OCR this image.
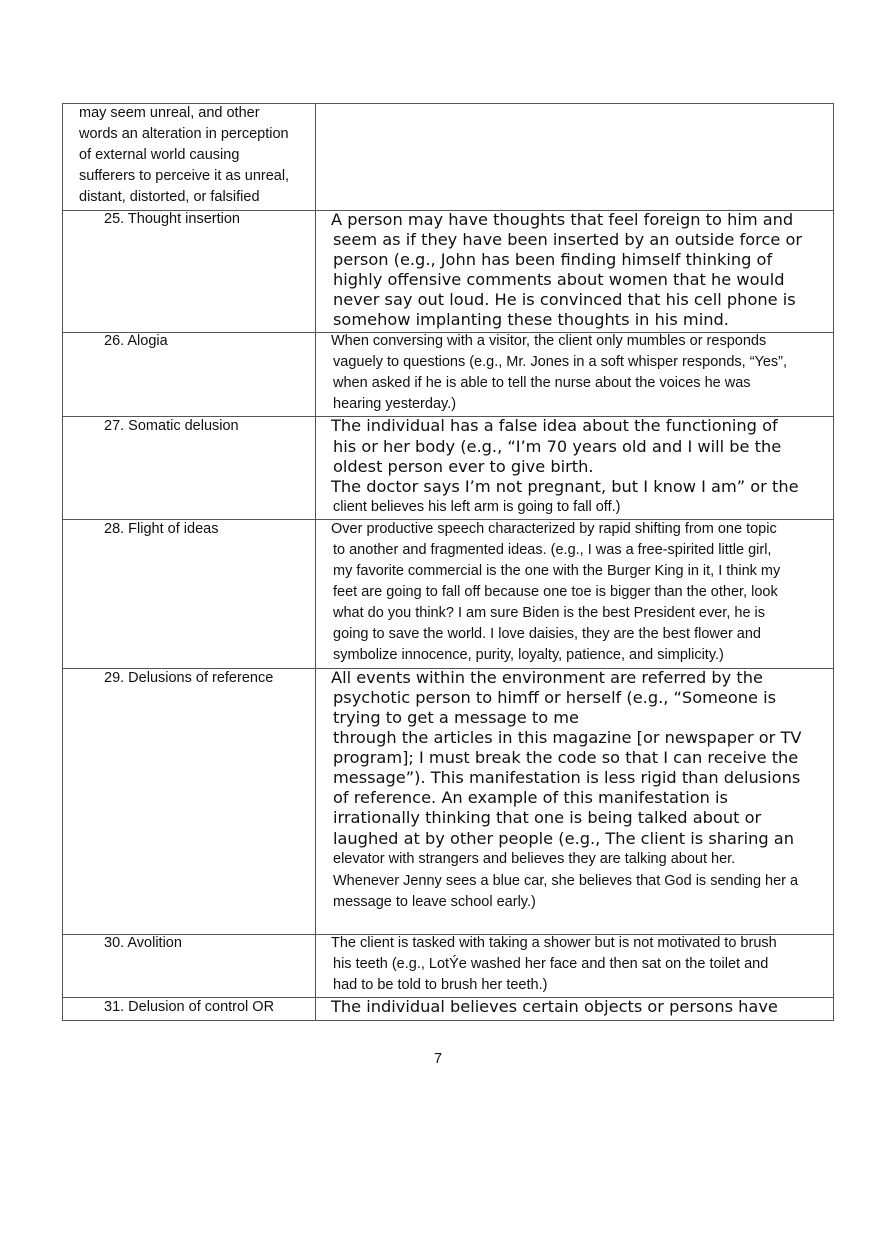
may seem unreal, and other
words an alteration in perception
of external world causing
sufferers to perceive it as unreal,
distant, distorted, or falsified
25. Thought insertion	A person may have thoughts that feel foreign to him and
seem as if they have been inserted by an outside force or
person (e.g., John has been finding himself thinking of
highly offensive comments about women that he would
never say out loud. He is convinced that his cell phone is
somehow implanting these thoughts in his mind.
26. Alogia	When conversing with a visitor, the client only mumbles or responds
vaguely to questions (e.g., Mr. Jones in a soft whisper responds, “Yes”,
when asked if he is able to tell the nurse about the voices he was
hearing yesterday.)
27. Somatic delusion	The individual has a false idea about the functioning of
his or her body (e.g., “I’m 70 years old and I will be the
oldest person ever to give birth.
The doctor says I’m not pregnant, but I know I am” or the
client believes his left arm is going to fall off.)
28. Flight of ideas	Over productive speech characterized by rapid shifting from one topic
to another and fragmented ideas. (e.g., I was a free-spirited little girl,
my favorite commercial is the one with the Burger King in it, I think my
feet are going to fall off because one toe is bigger than the other, look
what do you think? I am sure Biden is the best President ever, he is
going to save the world. I love daisies, they are the best flower and
symbolize innocence, purity, loyalty, patience, and simplicity.)
29. Delusions of reference	All events within the environment are referred by the
psychotic person to himff or herself (e.g., “Someone is
trying to get a message to me
through the articles in this magazine [or newspaper or TV
program]; I must break the code so that I can receive the
message”). This manifestation is less rigid than delusions
of reference. An example of this manifestation is
irrationally thinking that one is being talked about or
laughed at by other people (e.g., The client is sharing an
elevator with strangers and believes they are talking about her.
Whenever Jenny sees a blue car, she believes that God is sending her a
message to leave school early.)
30. Avolition	The client is tasked with taking a shower but is not motivated to brush
his teeth (e.g., LotÝe washed her face and then sat on the toilet and
had to be told to brush her teeth.)
31. Delusion of control OR	The individual believes certain objects or persons have
7
